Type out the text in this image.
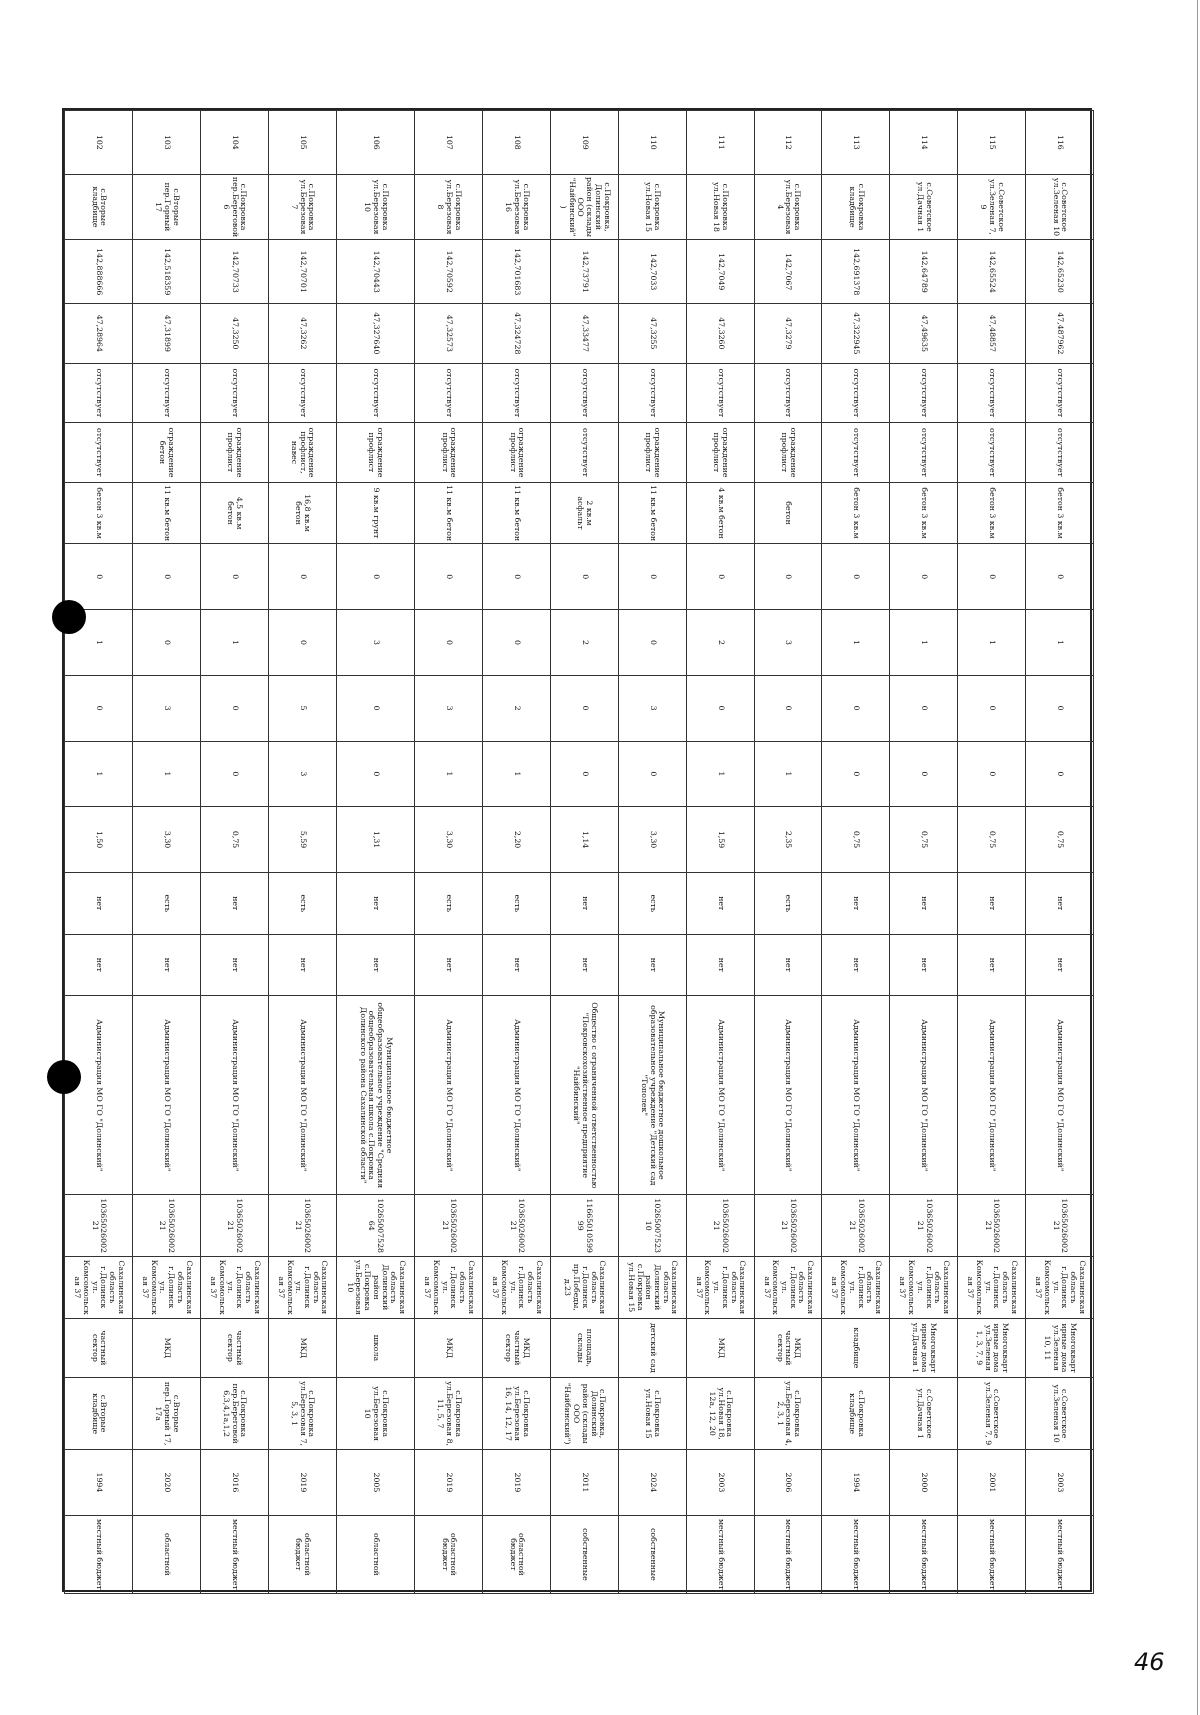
116	с.Советское ул.Зеленая 10	142,65230	47,487962	отсутствует	отсутствует	бетон 3 кв.м	0	1	0	0	0,75	нет	нет	Администрация МО ГО "Долинский"	1036502600221	Сахалинская область г.Долинск ул. Комсомольская 37	Многоквартирные дома ул.Зеленая 10, 11	с.Советское ул.Зеленая 10	2003	местный бюджет
115	с.Советское ул.Зеленая 7, 9	142,65524	47,48857	отсутствует	отсутствует	бетон 3 кв.м	0	1	0	0	0,75	нет	нет	Администрация МО ГО "Долинский"	1036502600221	Сахалинская область г.Долинск ул. Комсомольская 37	Многоквартирные дома ул.Зеленая 1, 3, 7, 9	с.Советское ул.Зеленая 7, 9	2001	местный бюджет
114	с.Советское ул.Дачная 1	142,64789	47,49635	отсутствует	отсутствует	бетон 3 кв.м	0	1	0	0	0,75	нет	нет	Администрация МО ГО "Долинский"	1036502600221	Сахалинская область г.Долинск ул. Комсомольская 37	Многоквартирные дома ул.Дачная 1	с.Советское ул.Дачная 1	2000	местный бюджет
113	с.Покровка кладбище	142,691378	47,322945	отсутствует	отсутствует	бетон 3 кв.м	0	1	0	0	0,75	нет	нет	Администрация МО ГО "Долинский"	1036502600221	Сахалинская область г.Долинск ул. Комсомольская 37	кладбище	с.Покровка кладбище	1994	местный бюджет
112	с.Покровка ул.Березовая 4	142,7067	47,3279	отсутствует	ограждение профлист	бетон	0	3	0	1	2,35	есть	нет	Администрация МО ГО "Долинский"	1036502600221	Сахалинская область г.Долинск ул. Комсомольская 37	МКД частный сектор	с.Покровка ул.Березовая 4, 2, 3, 1	2006	местный бюджет
111	с.Покровка ул.Новая 18	142,7049	47,3260	отсутствует	ограждение профлист	4 кв.м бетон	0	2	0	1	1,59	нет	нет	Администрация МО ГО "Долинский"	1036502600221	Сахалинская область г.Долинск ул. Комсомольская 37	МКД	с.Покровка ул.Новая 18, 12а, 12, 20	2003	местный бюджет
110	с.Покровка ул.Новая 15	142,7033	47,3255	отсутствует	ограждение профлист	11 кв.м бетон	0	0	3	0	3,30	есть	нет	Муниципальное бюджетное дошкольное образовательное учреждение "Детский сад "Тополек"	1026500752310	Сахалинская область Долинский район с.Покровка ул.Новая 15	детский сад	с.Покровка ул.Новая 15	2024	собственные
109	с.Покровка, Долинский район (склады ООО "Найбинский")	142,73791	47,33477	отсутствует	отсутствует	2 кв.м асфальт	0	2	0	0	1,14	нет	нет	Общество с ограниченной ответственностью "Покровскохозяйственное предприятие "Найбинский"	1166501059999	Сахалинская область г.Долинск пр.Победы, д.23	площадь, склады	с.Покровка, Долинский район (склады ООО "Найбинский")	2011	собственные
108	с.Покровка ул.Березовая 16	142,701683	47,324728	отсутствует	ограждение профлист	11 кв.м бетон	0	0	2	1	2,20	есть	нет	Администрация МО ГО "Долинский"	1036502600221	Сахалинская область г.Долинск ул. Комсомольская 37	МКД частный сектор	с.Покровка ул.Березовая 16, 14, 12, 17	2019	областной бюджет
107	с.Покровка ул.Березовая 8	142,70592	47,32573	отсутствует	ограждение профлист	11 кв.м бетон	0	0	3	1	3,30	есть	нет	Администрация МО ГО "Долинский"	1036502600221	Сахалинская область г.Долинск ул. Комсомольская 37	МКД	с.Покровка ул.Березовая 8, 11, 5, 7	2019	областной бюджет
106	с.Покровка ул.Березовая 10	142,70443	47,327640	отсутствует	ограждение профлист	9 кв.м грунт	0	3	0	0	1,31	нет	нет	Муниципальное бюджетное общеобразовательное учреждение "Средняя общеобразовательная школа с.Покровка Долинского района Сахалинской области"	1026500752864	Сахалинская область Долинский район с.Покровка ул.Березовая 10	школа	с.Покровка ул.Березовая 10	2005	областной
105	с.Покровка ул.Березовая 7	142,70701	47,3262	отсутствует	ограждение профлист, навес	16,8 кв.м бетон	0	0	5	3	5,59	есть	нет	Администрация МО ГО "Долинский"	1036502600221	Сахалинская область г.Долинск ул. Комсомольская 37	МКД	с.Покровка ул.Березовая 7, 5, 3, 1	2019	областной бюджет
104	с.Покровка пер.Береговой 6	142,70733	47,3250	отсутствует	ограждение профлист	4,5 кв.м бетон	0	1	0	0	0,75	нет	нет	Администрация МО ГО "Долинский"	1036502600221	Сахалинская область г.Долинск ул. Комсомольская 37	частный сектор	с.Покровка пер.Береговой 6,3,4,1а,1,2	2016	местный бюджет
103	с.Вторые пер.Горный 17	142,518359	47,31899	отсутствует	ограждение бетон	11 кв.м бетон	0	0	3	1	3,30	есть	нет	Администрация МО ГО "Долинский"	1036502600221	Сахалинская область г.Долинск ул. Комсомольская 37	МКД	с.Вторые пер.Горный 17, 17а	2020	областной
102	с.Вторые кладбище	142,888666	47,28964	отсутствует	отсутствует	бетон 3 кв.м	0	1	0	1	1,50	нет	нет	Администрация МО ГО "Долинский"	1036502600221	Сахалинская область г.Долинск ул. Комсомольская 37	частный сектор	с.Вторые кладбище	1994	местный бюджет
46
